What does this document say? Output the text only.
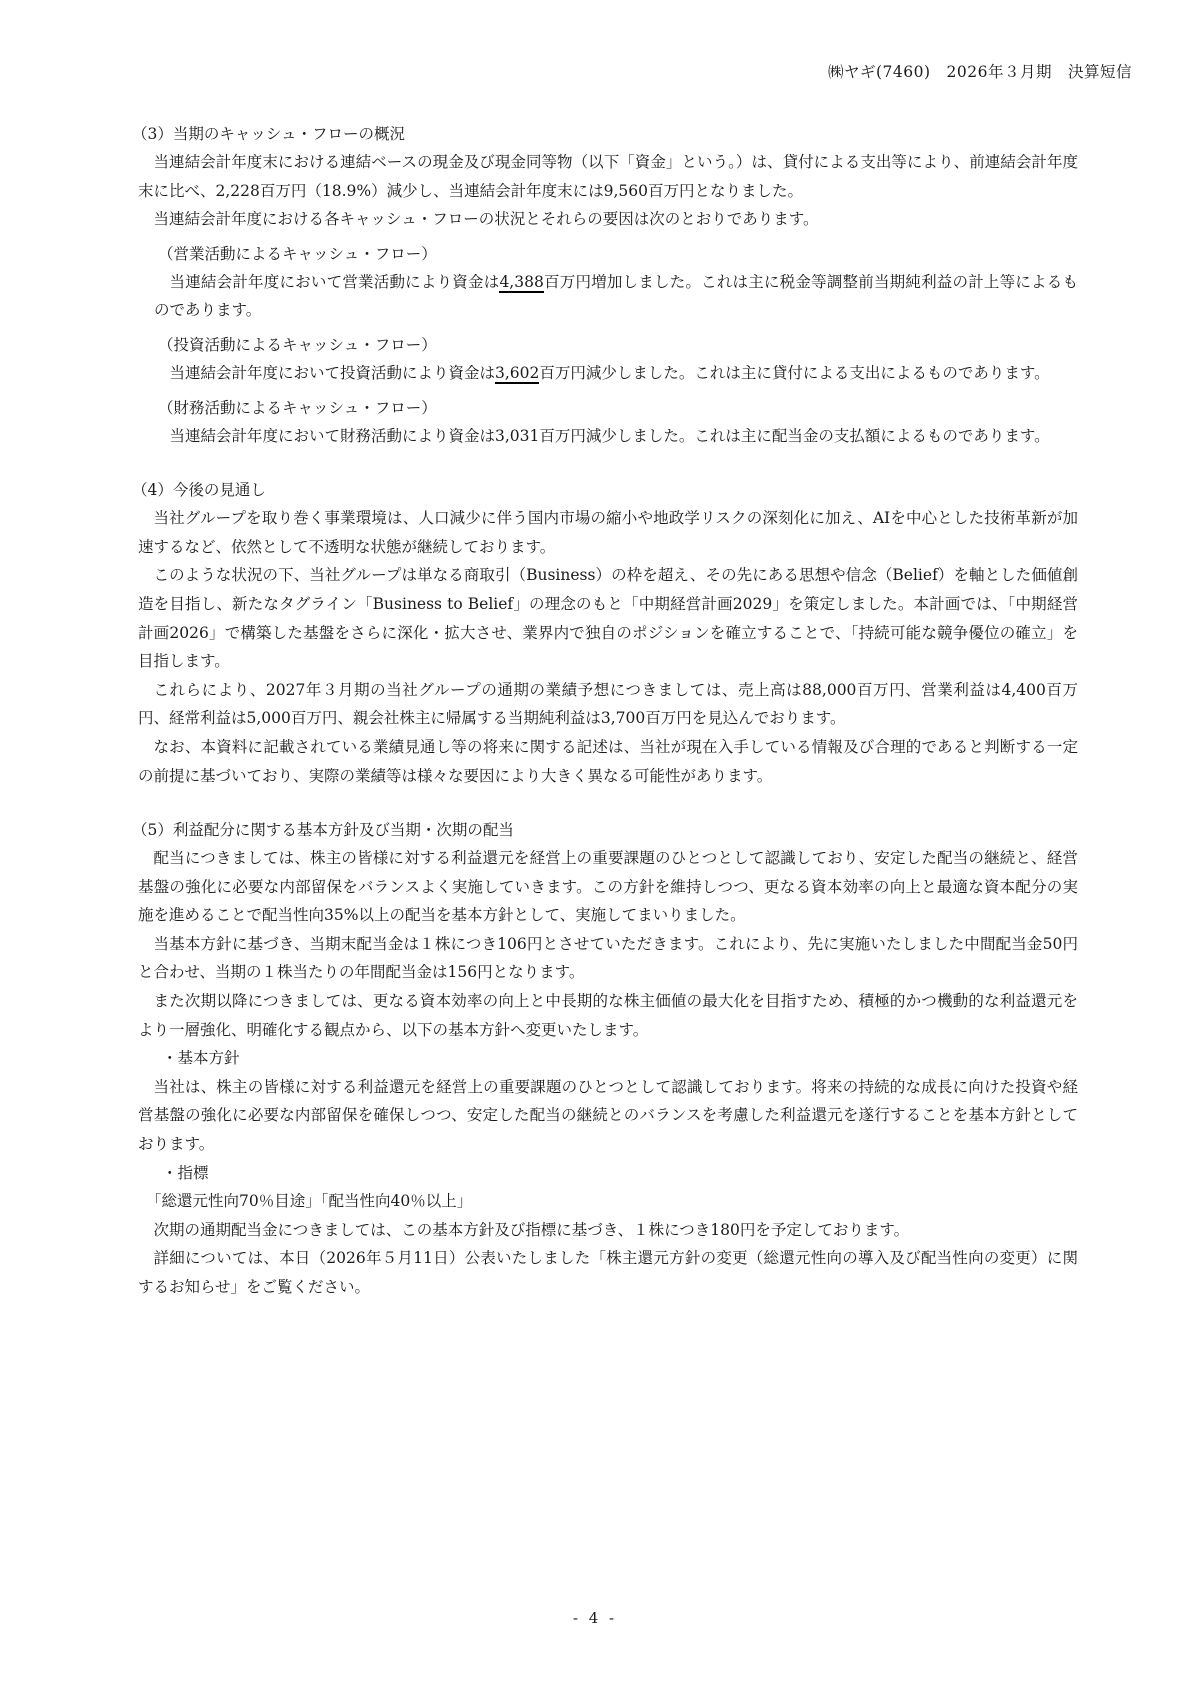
㈱ヤギ(7460)　2026年３月期　決算短信
（3）当期のキャッシュ・フローの概況

当連結会計年度末における連結ベースの現金及び現金同等物（以下「資金」という。）は、貸付による支出等により、前連結会計年度末に比べ、2,228百万円（18.9%）減少し、当連結会計年度末には9,560百万円となりました。

当連結会計年度における各キャッシュ・フローの状況とそれらの要因は次のとおりであります。

（営業活動によるキャッシュ・フロー）

当連結会計年度において営業活動により資金は4,388百万円増加しました。これは主に税金等調整前当期純利益の計上等によるものであります。

（投資活動によるキャッシュ・フロー）

当連結会計年度において投資活動により資金は3,602百万円減少しました。これは主に貸付による支出によるものであります。

（財務活動によるキャッシュ・フロー）

当連結会計年度において財務活動により資金は3,031百万円減少しました。これは主に配当金の支払額によるものであります。

（4）今後の見通し

当社グループを取り巻く事業環境は、人口減少に伴う国内市場の縮小や地政学リスクの深刻化に加え、AIを中心とした技術革新が加速するなど、依然として不透明な状態が継続しております。

このような状況の下、当社グループは単なる商取引（Business）の枠を超え、その先にある思想や信念（Belief）を軸とした価値創造を目指し、新たなタグライン「Business to Belief」の理念のもと「中期経営計画2029」を策定しました。本計画では、「中期経営計画2026」で構築した基盤をさらに深化・拡大させ、業界内で独自のポジションを確立することで、「持続可能な競争優位の確立」を目指します。

これらにより、2027年３月期の当社グループの通期の業績予想につきましては、売上高は88,000百万円、営業利益は4,400百万円、経常利益は5,000百万円、親会社株主に帰属する当期純利益は3,700百万円を見込んでおります。

なお、本資料に記載されている業績見通し等の将来に関する記述は、当社が現在入手している情報及び合理的であると判断する一定の前提に基づいており、実際の業績等は様々な要因により大きく異なる可能性があります。

（5）利益配分に関する基本方針及び当期・次期の配当

配当につきましては、株主の皆様に対する利益還元を経営上の重要課題のひとつとして認識しており、安定した配当の継続と、経営基盤の強化に必要な内部留保をバランスよく実施していきます。この方針を維持しつつ、更なる資本効率の向上と最適な資本配分の実施を進めることで配当性向35%以上の配当を基本方針として、実施してまいりました。

当基本方針に基づき、当期末配当金は１株につき106円とさせていただきます。これにより、先に実施いたしました中間配当金50円と合わせ、当期の１株当たりの年間配当金は156円となります。

また次期以降につきましては、更なる資本効率の向上と中長期的な株主価値の最大化を目指すため、積極的かつ機動的な利益還元をより一層強化、明確化する観点から、以下の基本方針へ変更いたします。

・基本方針

当社は、株主の皆様に対する利益還元を経営上の重要課題のひとつとして認識しております。将来の持続的な成長に向けた投資や経営基盤の強化に必要な内部留保を確保しつつ、安定した配当の継続とのバランスを考慮した利益還元を遂行することを基本方針としております。

・指標

「総還元性向70％目途」「配当性向40％以上」

次期の通期配当金につきましては、この基本方針及び指標に基づき、１株につき180円を予定しております。

詳細については、本日（2026年５月11日）公表いたしました「株主還元方針の変更（総還元性向の導入及び配当性向の変更）に関するお知らせ」をご覧ください。

- 4 -
